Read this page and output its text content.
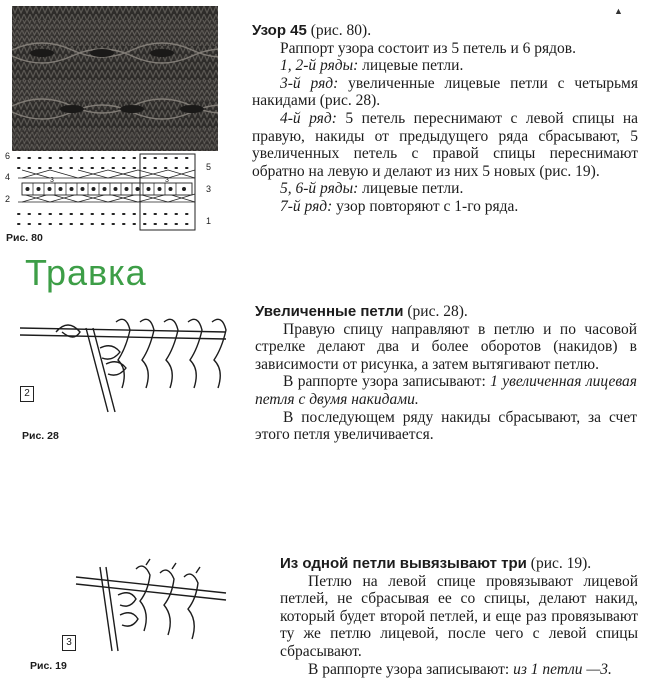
▲
6
4
2
5
3
1
3	3
Рис. 80
Травка

Узор 45 (рис. 80).

Раппорт узора состоит из 5 петель и 6 рядов.

1, 2-й ряды: лицевые петли.

3-й ряд: увеличенные лицевые петли с четырьмя накидами (рис. 28).

4-й ряд: 5 петель переснимают с левой спицы на правую, накиды от предыдущего ряда сбрасывают, 5 увеличенных петель с правой спицы переснимают обратно на левую и делают из них 5 новых (рис. 19).

5, 6-й ряды: лицевые петли.

7-й ряд: узор повторяют с 1-го ряда.

2
Рис. 28

Увеличенные петли (рис. 28).

Правую спицу направляют в петлю и по часовой стрелке делают два и более оборотов (накидов) в зависимости от рисунка, а затем вытягивают петлю.

В раппорте узора записывают: 1 увеличенная лицевая петля с двумя накидами.

В последующем ряду накиды сбрасывают, за счет этого петля увеличивается.

3
Рис. 19

Из одной петли вывязывают три (рис. 19).

Петлю на левой спице провязывают лицевой петлей, не сбрасывая ее со спицы, делают накид, который будет второй петлей, и еще раз провязывают ту же петлю лицевой, после чего с левой спицы сбрасывают.

В раппорте узора записывают: из 1 петли —3.
